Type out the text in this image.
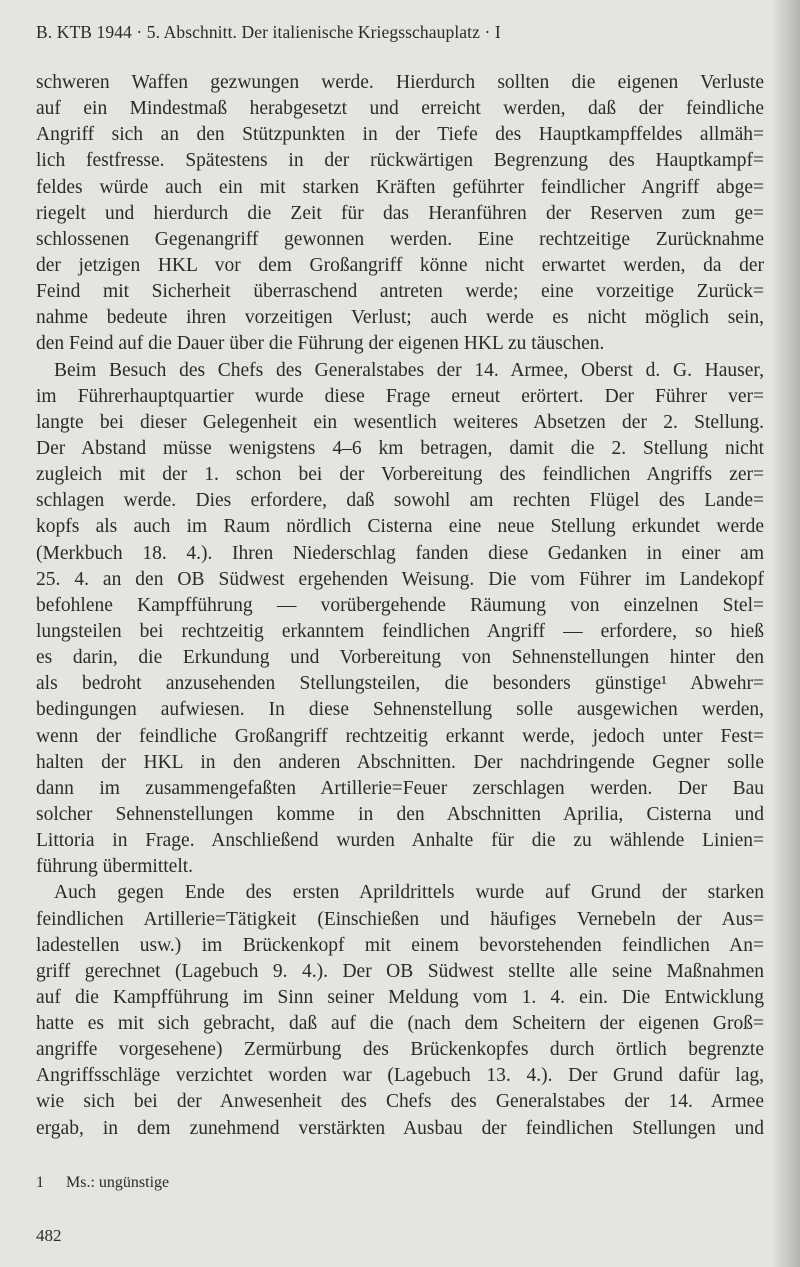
B. KTB 1944 · 5. Abschnitt. Der italienische Kriegsschauplatz · I
schweren Waffen gezwungen werde. Hierdurch sollten die eigenen Verluste
auf ein Mindestmaß herabgesetzt und erreicht werden, daß der feindliche
Angriff sich an den Stützpunkten in der Tiefe des Hauptkampffeldes allmäh=
lich festfresse. Spätestens in der rückwärtigen Begrenzung des Hauptkampf=
feldes würde auch ein mit starken Kräften geführter feindlicher Angriff abge=
riegelt und hierdurch die Zeit für das Heranführen der Reserven zum ge=
schlossenen Gegenangriff gewonnen werden. Eine rechtzeitige Zurücknahme
der jetzigen HKL vor dem Großangriff könne nicht erwartet werden, da der
Feind mit Sicherheit überraschend antreten werde; eine vorzeitige Zurück=
nahme bedeute ihren vorzeitigen Verlust; auch werde es nicht möglich sein,
den Feind auf die Dauer über die Führung der eigenen HKL zu täuschen.
Beim Besuch des Chefs des Generalstabes der 14. Armee, Oberst d. G. Hauser,
im Führerhauptquartier wurde diese Frage erneut erörtert. Der Führer ver=
langte bei dieser Gelegenheit ein wesentlich weiteres Absetzen der 2. Stellung.
Der Abstand müsse wenigstens 4–6 km betragen, damit die 2. Stellung nicht
zugleich mit der 1. schon bei der Vorbereitung des feindlichen Angriffs zer=
schlagen werde. Dies erfordere, daß sowohl am rechten Flügel des Lande=
kopfs als auch im Raum nördlich Cisterna eine neue Stellung erkundet werde
(Merkbuch 18. 4.). Ihren Niederschlag fanden diese Gedanken in einer am
25. 4. an den OB Südwest ergehenden Weisung. Die vom Führer im Landekopf
befohlene Kampfführung — vorübergehende Räumung von einzelnen Stel=
lungsteilen bei rechtzeitig erkanntem feindlichen Angriff — erfordere, so hieß
es darin, die Erkundung und Vorbereitung von Sehnenstellungen hinter den
als bedroht anzusehenden Stellungsteilen, die besonders günstige¹ Abwehr=
bedingungen aufwiesen. In diese Sehnenstellung solle ausgewichen werden,
wenn der feindliche Großangriff rechtzeitig erkannt werde, jedoch unter Fest=
halten der HKL in den anderen Abschnitten. Der nachdringende Gegner solle
dann im zusammengefaßten Artillerie=Feuer zerschlagen werden. Der Bau
solcher Sehnenstellungen komme in den Abschnitten Aprilia, Cisterna und
Littoria in Frage. Anschließend wurden Anhalte für die zu wählende Linien=
führung übermittelt.
Auch gegen Ende des ersten Aprildrittels wurde auf Grund der starken
feindlichen Artillerie=Tätigkeit (Einschießen und häufiges Vernebeln der Aus=
ladestellen usw.) im Brückenkopf mit einem bevorstehenden feindlichen An=
griff gerechnet (Lagebuch 9. 4.). Der OB Südwest stellte alle seine Maßnahmen
auf die Kampfführung im Sinn seiner Meldung vom 1. 4. ein. Die Entwicklung
hatte es mit sich gebracht, daß auf die (nach dem Scheitern der eigenen Groß=
angriffe vorgesehene) Zermürbung des Brückenkopfes durch örtlich begrenzte
Angriffsschläge verzichtet worden war (Lagebuch 13. 4.). Der Grund dafür lag,
wie sich bei der Anwesenheit des Chefs des Generalstabes der 14. Armee
ergab, in dem zunehmend verstärkten Ausbau der feindlichen Stellungen und
1 Ms.: ungünstige
482
